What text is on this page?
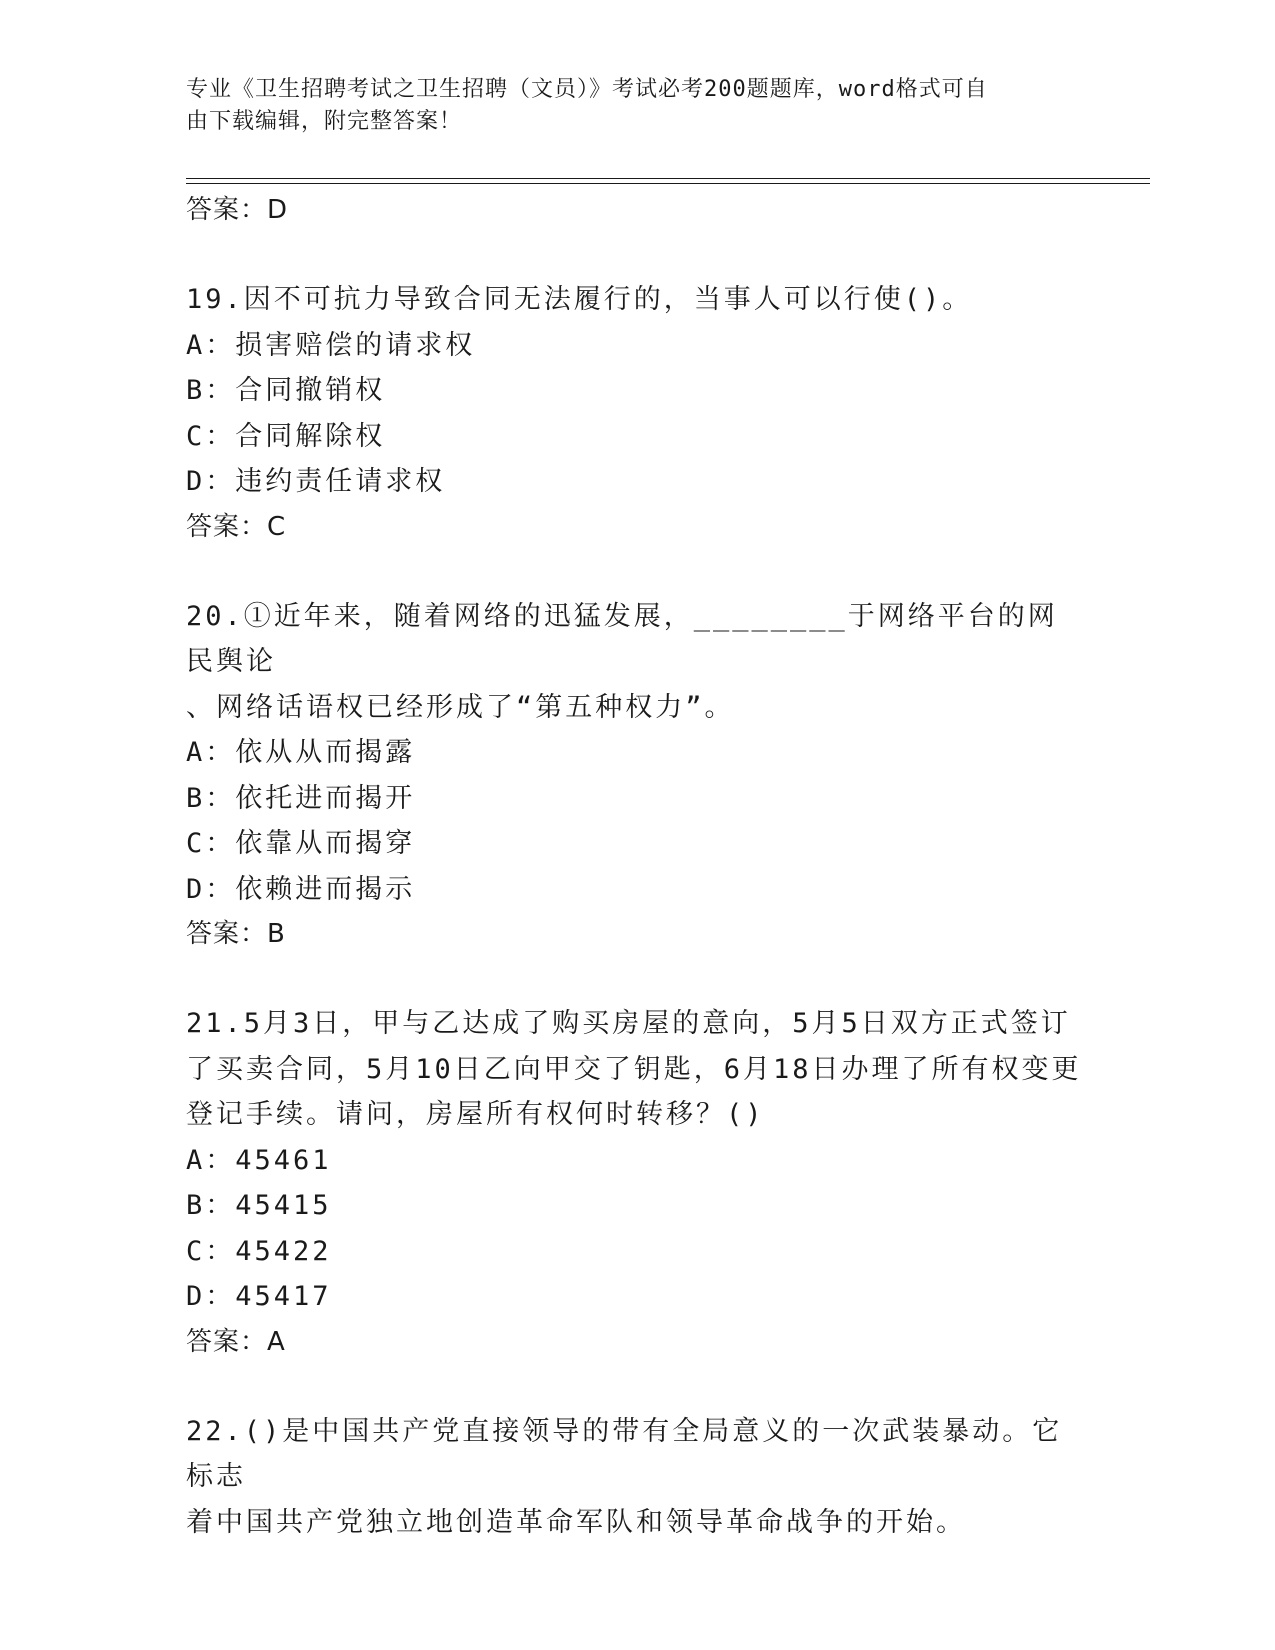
专业《卫生招聘考试之卫生招聘（文员）》考试必考200题题库，word格式可自
由下载编辑，附完整答案！
答案：D
19.因不可抗力导致合同无法履行的，当事人可以行使()。
A：损害赔偿的请求权
B：合同撤销权
C：合同解除权
D：违约责任请求权
答案：C
20.①近年来，随着网络的迅猛发展，________于网络平台的网民舆论
、网络话语权已经形成了“第五种权力”。
A：依从从而揭露
B：依托进而揭开
C：依靠从而揭穿
D：依赖进而揭示
答案：B
21.5月3日，甲与乙达成了购买房屋的意向，5月5日双方正式签订
了买卖合同，5月10日乙向甲交了钥匙，6月18日办理了所有权变更
登记手续。请问，房屋所有权何时转移？()
A：45461
B：45415
C：45422
D：45417
答案：A
22.()是中国共产党直接领导的带有全局意义的一次武装暴动。它标志
着中国共产党独立地创造革命军队和领导革命战争的开始。
